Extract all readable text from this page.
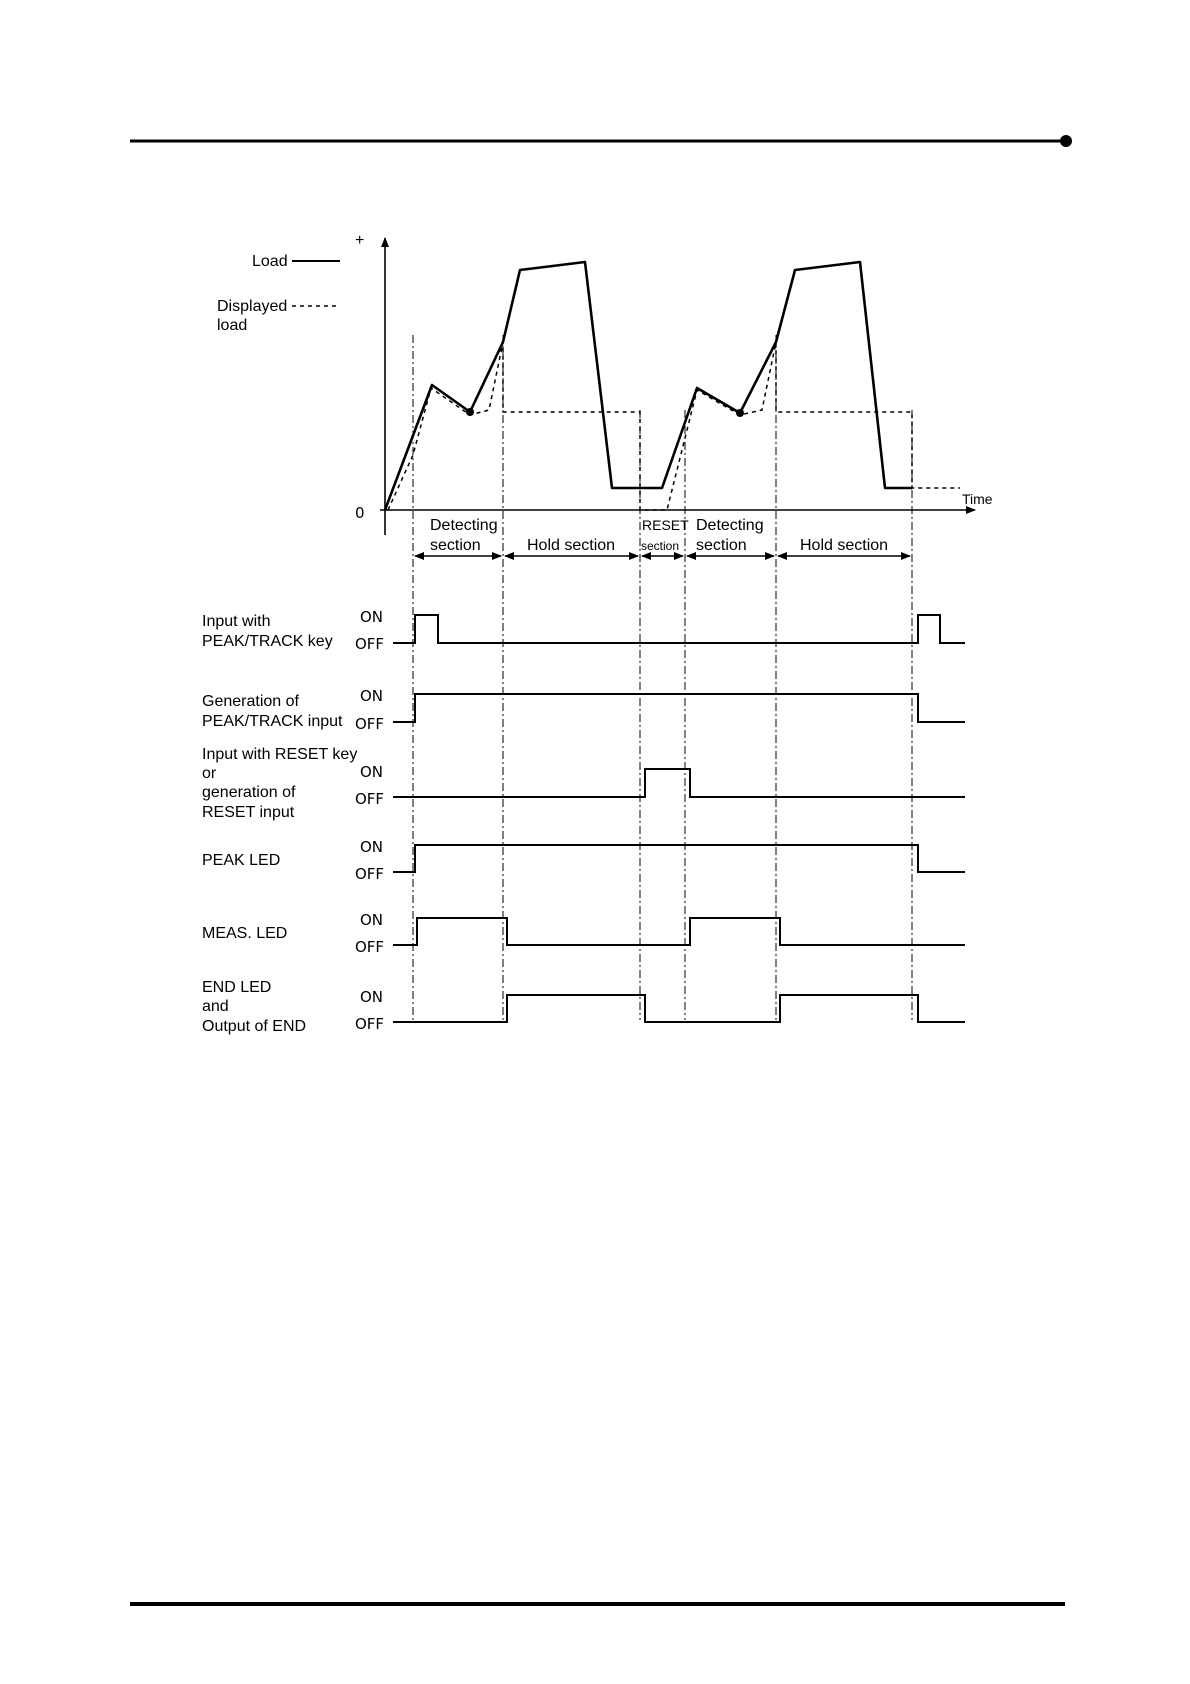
+
0
Time
Load
Displayed
load
Detecting
section	Hold section
RESET
section
Detecting
section	Hold section
Input with
PEAK/TRACK key
ON
OFF
Generation of
PEAK/TRACK input
ON
OFF
Input with RESET key
or
generation of
RESET input
ON
OFF
PEAK LED
ON
OFF
MEAS. LED
ON
OFF
END LED
and
Output of END
ON
OFF
